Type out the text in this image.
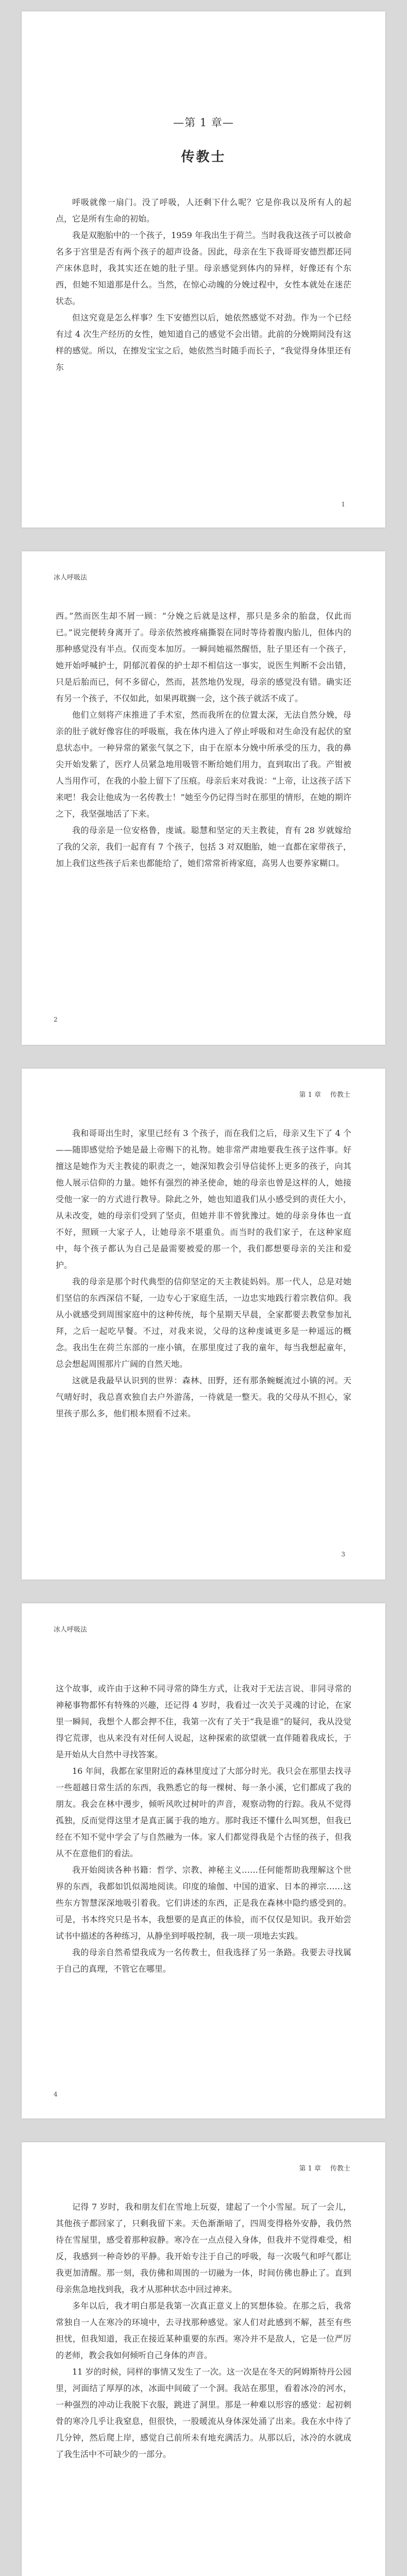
—第 1 章—
传教士

呼吸就像一扇门。没了呼吸，人还剩下什么呢？它是你我以及所有人的起点，它是所有生命的初始。

我是双胞胎中的一个孩子，1959 年我出生于荷兰。当时我我这孩子可以被命名多于宫里是否有两个孩子的超声设备。因此，母亲在生下我哥哥安德烈都还同产床休息时，我其实还在她的肚子里。母亲感觉到体内的异样，好像还有个东西，但她不知道那是什么。当然，在惊心动魄的分娩过程中，女性本就处在迷茫状态。

但这究竟是怎么样事？生下安德烈以后，她依然感觉不对劲。作为一个已经有过 4 次生产经历的女性，她知道自己的感觉不会出错。此前的分娩期间没有这样的感觉。所以，在擦发宝宝之后，她依然当时随手而长子，“我觉得身体里还有东

1
冰人呼吸法

西。”然而医生却不屑一顾：“分娩之后就是这样，那只是多余的胎盘，仅此而已。”说完便转身离开了。母亲依然被疼痛撕裂在同时等待着腹内胎儿，但体内的那种感觉没有半点。仅而变本加厉。一瞬间她福然醒悟，肚子里还有一个孩子，她开始呼喊护士，阴郁沉着保的护士却不相信这一事实，说医生判断不会出错，只是后胎而已，何不多留心，然而，甚然地仍发现，母亲的感觉没有错。确实还有另一个孩子，不仅如此，如果再耽搁一会，这个孩子就活不成了。

他们立刻将产床推进了手术室，然而我所在的位置太深，无法自然分娩，母亲的肚子就好像容住的呼吸瓶，我在体内进入了停止呼吸和对生命没有起伏的窒息状态中。一种异常的紧张气氛之下，由于在原本分娩中所承受的压力，我的鼻尖开始发紫了，医疗人员紧急地用吸管不断给她们用力，直到取出了我。产钳被人当用作可，在我的小脸上留下了压痕。母亲后来对我说：“上帝，让这孩子活下来吧！我会让他成为一名传教士！”她至今仍记得当时在那里的情形，在她的期许之下，我坚强地活了下来。

我的母亲是一位安格鲁，虔诚。聪慧和坚定的天主教徒，育有 28 岁就嫁给了我的父亲，我们一起育有 7 个孩子，包括 3 对双胞胎，她一直都在家带孩子，加上我们这些孩子后来也都能给了，她们常常祈祷家庭，高男人也要养家糊口。

2
第 1 章 传教士

我和哥哥出生时，家里已经有 3 个孩子，而在我们之后，母亲又生下了 4 个——随即感觉给予她是最上帝赐下的礼物。她非常严肃地要我生孩子这件事。好擅这是她作为天主教徒的职责之一，她深知教会引导信徒怀上更多的孩子，向其他人展示信仰的力量。她怀有强烈的神圣使命，她的母亲也曾是这样的人，她接受他一家一的方式进行教导。除此之外，她也知道我们从小感受到的责任大小，从未改变，她的母亲们受到了坚贞，但她并非不曾犹豫过。她的母亲身体也一直不好，照顾一大家子人，让她母亲不堪重负。而当时的我们家子，在这种家庭中，每个孩子都认为自己是最需要被爱的那一个，我们都想要母亲的关注和爱护。

我的母亲是那个时代典型的信仰坚定的天主教徒妈妈。那一代人，总是对她们坚信的东西深信不疑，一边专心于家庭生活，一边忠实地践行着宗教信仰。我从小就感受到周围家庭中的这种传统，每个星期天早晨，全家都要去教堂参加礼拜，之后一起吃早餐。不过，对我来说，父母的这种虔诚更多是一种遥远的概念。我出生在荷兰东部的一座小镇，在那里度过了我的童年，每当我想起童年，总会想起周围那片广阔的自然天地。

这就是我最早认识到的世界：森林、田野，还有那条蜿蜒流过小镇的河。天气晴好时，我总喜欢独自去户外游荡，一待就是一整天。我的父母从不担心，家里孩子那么多，他们根本照看不过来。

3
冰人呼吸法

这个故事，或许由于这种不同寻常的降生方式，让我对于无法言说、非同寻常的神秘事物都怀有特殊的兴趣，还记得 4 岁时，我看过一次关于灵魂的讨论，在家里一瞬间，我想个人都会押不住，我第一次有了关于“我是谁”的疑问，我从没觉得它荒谬，也从来没有对任何人说起，这种探索的欲望就一直伴随着我成长，于是开始从大自然中寻找答案。

16 年间，我都在家里附近的森林里度过了大部分时光。我只会在那里去找寻一些超越日常生活的东西，我熟悉它的每一棵树、每一条小溪，它们都成了我的朋友。我会在林中漫步，倾听风吹过树叶的声音，观察动物的行踪。我从不觉得孤独，反而觉得这里才是真正属于我的地方。那时我还不懂什么叫冥想，但我已经在不知不觉中学会了与自然融为一体。家人们都觉得我是个古怪的孩子，但我从不在意他们的看法。

我开始阅读各种书籍：哲学、宗教、神秘主义……任何能帮助我理解这个世界的东西，我都如饥似渴地阅读。印度的瑜伽、中国的道家、日本的禅宗……这些东方智慧深深地吸引着我。它们讲述的东西，正是我在森林中隐约感受到的。可是，书本终究只是书本，我想要的是真正的体验，而不仅仅是知识。我开始尝试书中描述的各种练习，从静坐到呼吸控制，我一项一项地去实践。

我的母亲自然希望我成为一名传教士，但我选择了另一条路。我要去寻找属于自己的真理，不管它在哪里。

4
第 1 章 传教士

记得 7 岁时，我和朋友们在雪地上玩耍，建起了一个小雪屋。玩了一会儿，其他孩子都回家了，只剩我留下来。天色渐渐暗了，四周变得格外安静，我仍然待在雪屋里，感受着那种寂静。寒冷在一点点侵入身体，但我并不觉得难受，相反，我感到一种奇妙的平静。我开始专注于自己的呼吸，每一次吸气和呼气都让我更加清醒。那一刻，我仿佛和周围的一切融为一体，时间仿佛也静止了。直到母亲焦急地找到我，我才从那种状态中回过神来。

多年以后，我才明白那是我第一次真正意义上的冥想体验。在那之后，我常常独自一人在寒冷的环境中，去寻找那种感觉。家人们对此感到不解，甚至有些担忧，但我知道，我正在接近某种重要的东西。寒冷并不是敌人，它是一位严厉的老师，教会我如何倾听自己身体的声音。

11 岁的时候，同样的事情又发生了一次。这一次是在冬天的阿姆斯特丹公园里，河面结了厚厚的冰，冰面中间破了一个洞。我站在那里，看着冰冷的河水，一种强烈的冲动让我脱下衣服，跳进了洞里。那是一种难以形容的感觉：起初刺骨的寒冷几乎让我窒息，但很快，一股暖流从身体深处涌了出来。我在水中待了几分钟，然后爬上岸，感觉自己前所未有地充满活力。从那以后，冰冷的水就成了我生活中不可缺少的一部分。
